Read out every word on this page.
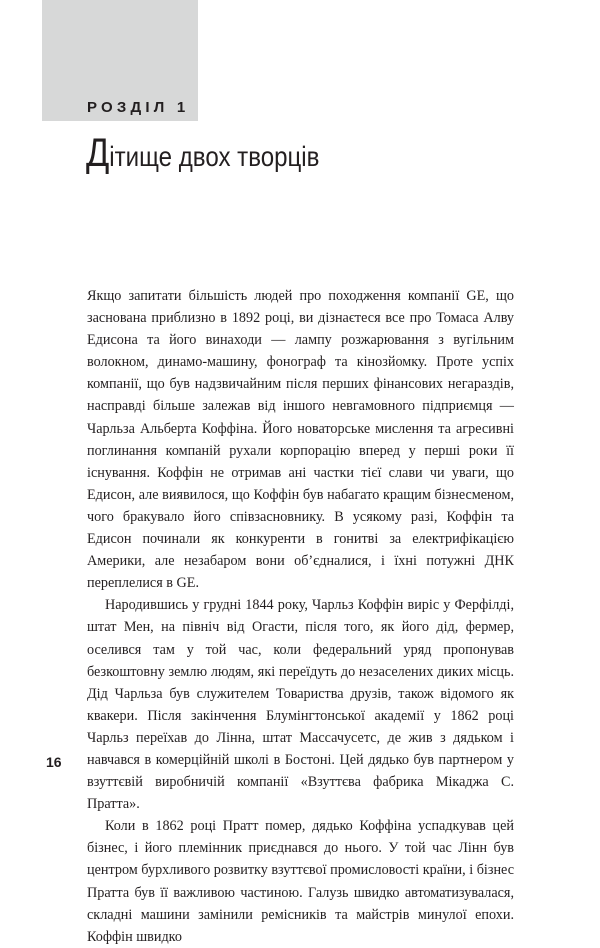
РОЗДІЛ 1
Дітище двох творців

Якщо запитати більшість людей про походження компанії GE, що заснована приблизно в 1892 році, ви дізнаєтеся все про Томаса Алву Едисона та його винаходи — лампу розжарювання з вугільним волокном, динамо-машину, фонограф та кінозйомку. Проте успіх компанії, що був надзвичайним після перших фінансових негараздів, насправді більше залежав від іншого невгамовного підприємця — Чарльза Альберта Коффіна. Його новаторське мислення та агресивні поглинання компаній рухали корпорацію вперед у перші роки її існування. Коффін не отримав ані частки тієї слави чи уваги, що Едисон, але виявилося, що Коффін був набагато кращим бізнесменом, чого бракувало його співзасновнику. В усякому разі, Коффін та Едисон починали як конкуренти в гонитві за електрифікацією Америки, але незабаром вони об’єдналися, і їхні потужні ДНК переплелися в GE.

Народившись у грудні 1844 року, Чарльз Коффін виріс у Ферфілді, штат Мен, на північ від Огасти, після того, як його дід, фермер, оселився там у той час, коли федеральний уряд пропонував безкоштовну землю людям, які переїдуть до незаселених диких місць. Дід Чарльза був служителем Товариства друзів, також відомого як квакери. Після закінчення Блумінгтонської академії у 1862 році Чарльз переїхав до Лінна, штат Массачусетс, де жив з дядьком і навчався в комерційній школі в Бостоні. Цей дядько був партнером у взуттєвій виробничій компанії «Взуттєва фабрика Мікаджа С. Пратта».

Коли в 1862 році Пратт помер, дядько Коффіна успадкував цей бізнес, і його племінник приєднався до нього. У той час Лінн був центром бурхливого розвитку взуттєвої промисловості країни, і бізнес Пратта був її важливою частиною. Галузь швидко автоматизувалася, складні машини замінили ремісників та майстрів минулої епохи. Коффін швидко

16
